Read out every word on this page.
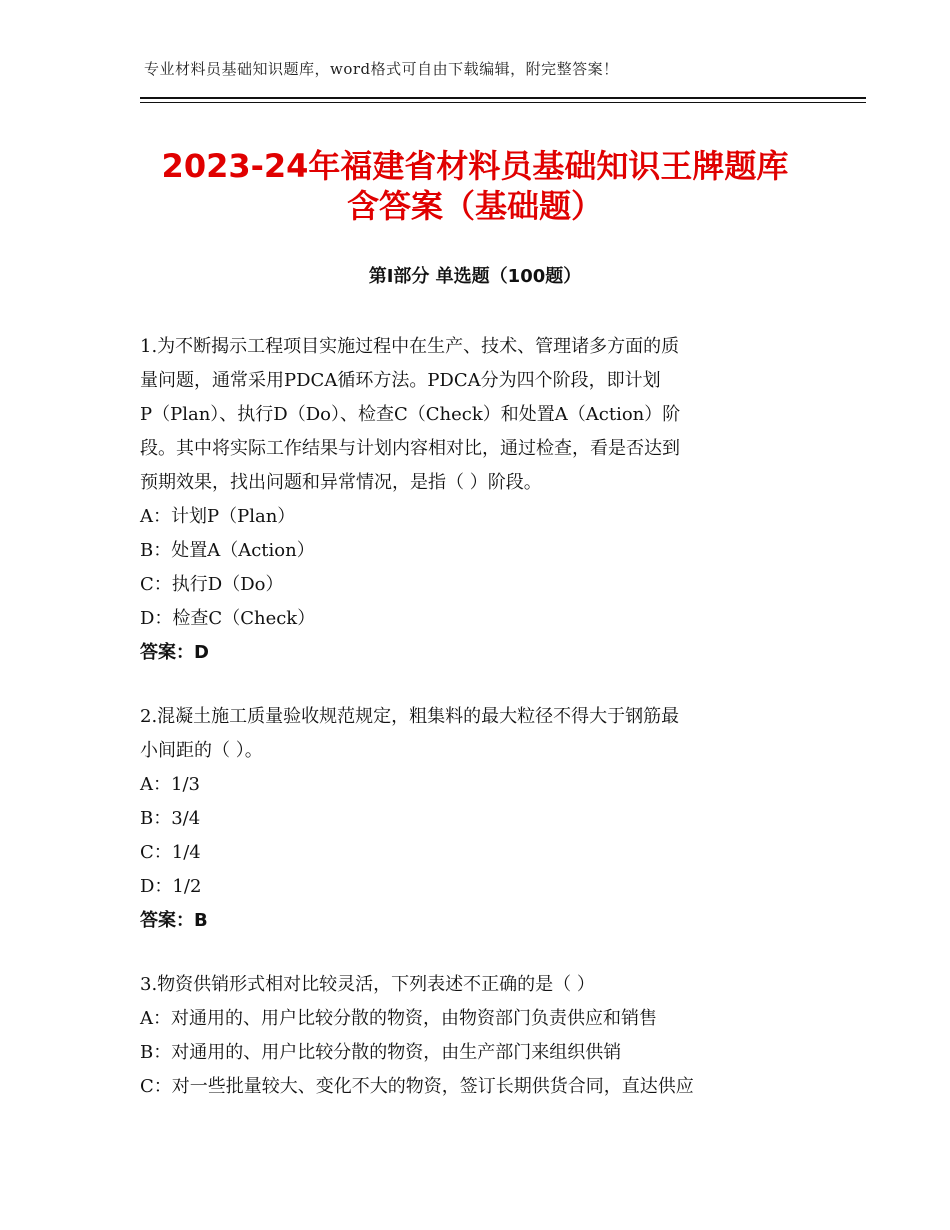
专业材料员基础知识题库，word格式可自由下载编辑，附完整答案！
2023-24年福建省材料员基础知识王牌题库
含答案（基础题）
第Ⅰ部分 单选题（100题）
1.为不断揭示工程项目实施过程中在生产、技术、管理诸多方面的质
量问题，通常采用PDCA循环方法。PDCA分为四个阶段，即计划
P（Plan）、执行D（Do）、检查C（Check）和处置A（Action）阶
段。其中将实际工作结果与计划内容相对比，通过检查，看是否达到
预期效果，找出问题和异常情况，是指（ ）阶段。
A：计划P（Plan）
B：处置A（Action）
C：执行D（Do）
D：检查C（Check）
答案：D
2.混凝土施工质量验收规范规定，粗集料的最大粒径不得大于钢筋最
小间距的（ ）。
A：1/3
B：3/4
C：1/4
D：1/2
答案：B
3.物资供销形式相对比较灵活，下列表述不正确的是（ ）
A：对通用的、用户比较分散的物资，由物资部门负责供应和销售
B：对通用的、用户比较分散的物资，由生产部门来组织供销
C：对一些批量较大、变化不大的物资，签订长期供货合同，直达供应
